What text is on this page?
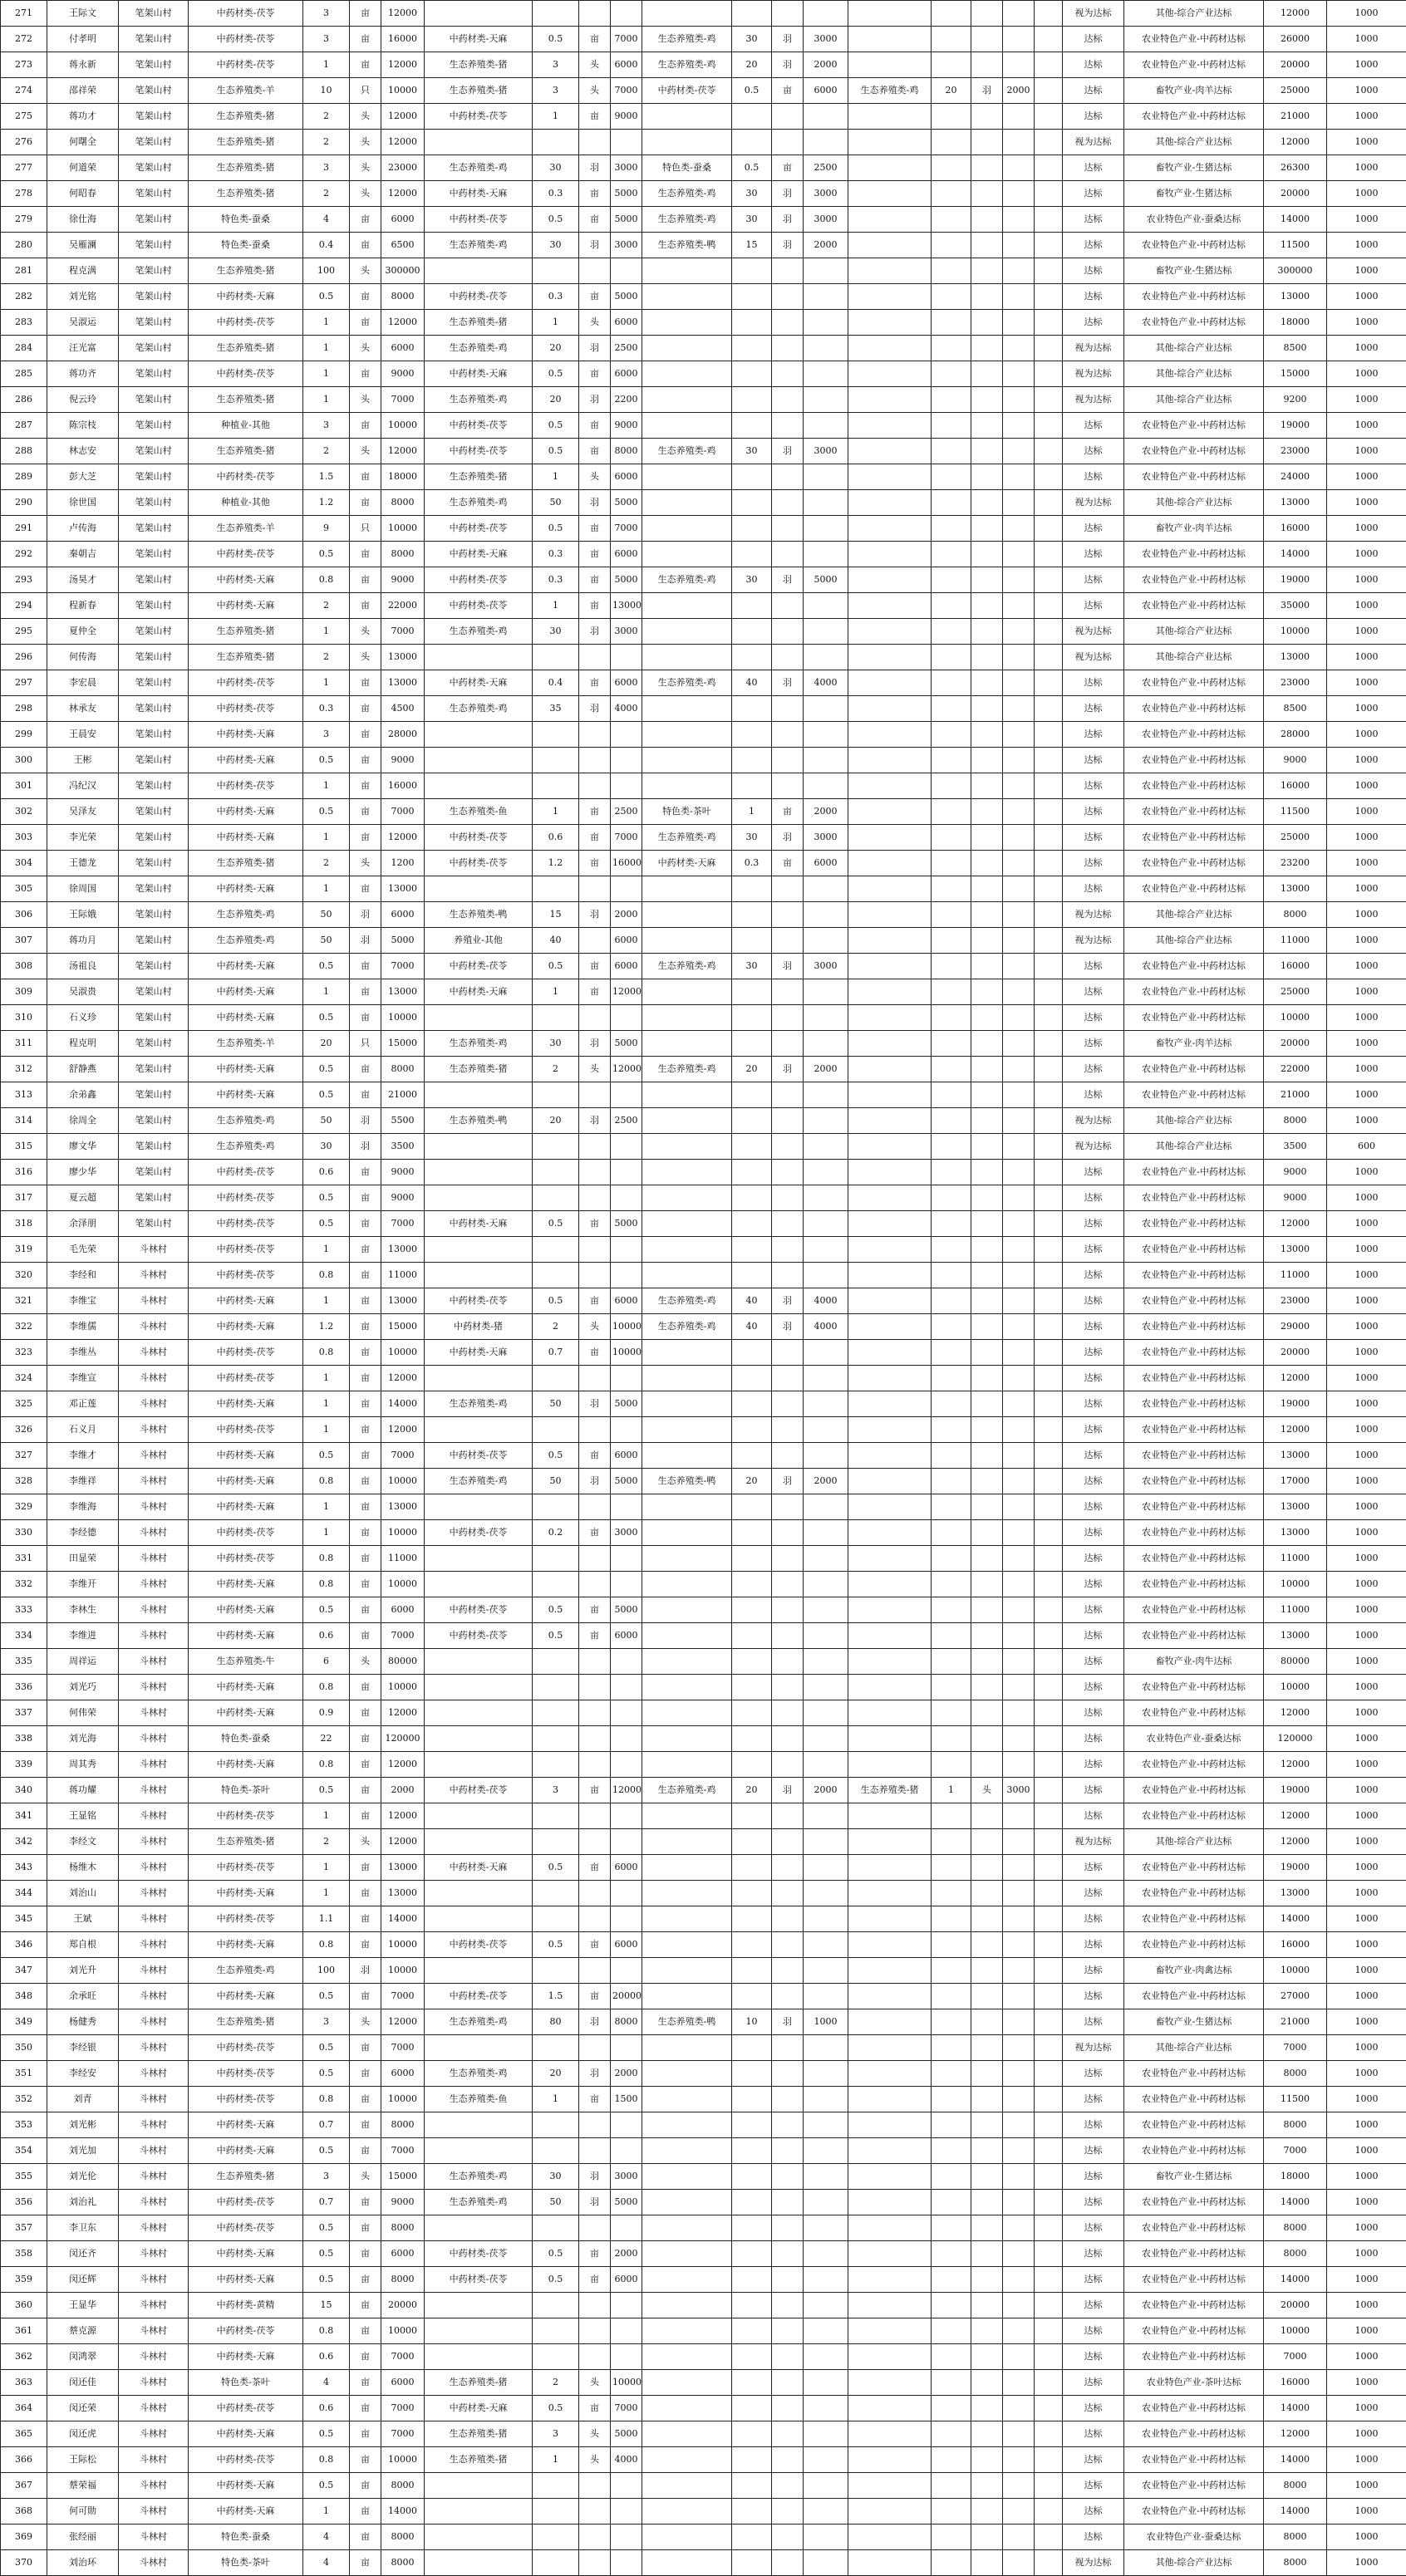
271	王际文	笔架山村	中药材类-茯苓	3	亩	12000														视为达标	其他-综合产业达标	12000	1000
272	付孝明	笔架山村	中药材类-茯苓	3	亩	16000	中药材类-天麻	0.5	亩	7000	生态养殖类-鸡	30	羽	3000						达标	农业特色产业-中药材达标	26000	1000
273	蒋永新	笔架山村	中药材类-茯苓	1	亩	12000	生态养殖类-猪	3	头	6000	生态养殖类-鸡	20	羽	2000						达标	农业特色产业-中药材达标	20000	1000
274	邵祥荣	笔架山村	生态养殖类-羊	10	只	10000	生态养殖类-猪	3	头	7000	中药材类-茯苓	0.5	亩	6000	生态养殖类-鸡	20	羽	2000		达标	畜牧产业-肉羊达标	25000	1000
275	蒋功才	笔架山村	生态养殖类-猪	2	头	12000	中药材类-茯苓	1	亩	9000										达标	农业特色产业-中药材达标	21000	1000
276	何曙全	笔架山村	生态养殖类-猪	2	头	12000														视为达标	其他-综合产业达标	12000	1000
277	何道荣	笔架山村	生态养殖类-猪	3	头	23000	生态养殖类-鸡	30	羽	3000	特色类-蚕桑	0.5	亩	2500						达标	畜牧产业-生猪达标	26300	1000
278	何昭春	笔架山村	生态养殖类-猪	2	头	12000	中药材类-天麻	0.3	亩	5000	生态养殖类-鸡	30	羽	3000						达标	畜牧产业-生猪达标	20000	1000
279	徐仕海	笔架山村	特色类-蚕桑	4	亩	6000	中药材类-茯苓	0.5	亩	5000	生态养殖类-鸡	30	羽	3000						达标	农业特色产业-蚕桑达标	14000	1000
280	吴雁澜	笔架山村	特色类-蚕桑	0.4	亩	6500	生态养殖类-鸡	30	羽	3000	生态养殖类-鸭	15	羽	2000						达标	农业特色产业-中药材达标	11500	1000
281	程克满	笔架山村	生态养殖类-猪	100	头	300000														达标	畜牧产业-生猪达标	300000	1000
282	刘光铭	笔架山村	中药材类-天麻	0.5	亩	8000	中药材类-茯苓	0.3	亩	5000										达标	农业特色产业-中药材达标	13000	1000
283	吴淑运	笔架山村	中药材类-茯苓	1	亩	12000	生态养殖类-猪	1	头	6000										达标	农业特色产业-中药材达标	18000	1000
284	汪光富	笔架山村	生态养殖类-猪	1	头	6000	生态养殖类-鸡	20	羽	2500										视为达标	其他-综合产业达标	8500	1000
285	蒋功齐	笔架山村	中药材类-茯苓	1	亩	9000	中药材类-天麻	0.5	亩	6000										视为达标	其他-综合产业达标	15000	1000
286	倪云玲	笔架山村	生态养殖类-猪	1	头	7000	生态养殖类-鸡	20	羽	2200										视为达标	其他-综合产业达标	9200	1000
287	陈宗枝	笔架山村	种植业-其他	3	亩	10000	中药材类-茯苓	0.5	亩	9000										达标	农业特色产业-中药材达标	19000	1000
288	林志安	笔架山村	生态养殖类-猪	2	头	12000	中药材类-茯苓	0.5	亩	8000	生态养殖类-鸡	30	羽	3000						达标	农业特色产业-中药材达标	23000	1000
289	彭大芝	笔架山村	中药材类-茯苓	1.5	亩	18000	生态养殖类-猪	1	头	6000										达标	农业特色产业-中药材达标	24000	1000
290	徐世国	笔架山村	种植业-其他	1.2	亩	8000	生态养殖类-鸡	50	羽	5000										视为达标	其他-综合产业达标	13000	1000
291	卢传海	笔架山村	生态养殖类-羊	9	只	10000	中药材类-茯苓	0.5	亩	7000										达标	畜牧产业-肉羊达标	16000	1000
292	秦朝吉	笔架山村	中药材类-茯苓	0.5	亩	8000	中药材类-天麻	0.3	亩	6000										达标	农业特色产业-中药材达标	14000	1000
293	汤昊才	笔架山村	中药材类-天麻	0.8	亩	9000	中药材类-茯苓	0.3	亩	5000	生态养殖类-鸡	30	羽	5000						达标	农业特色产业-中药材达标	19000	1000
294	程新春	笔架山村	中药材类-天麻	2	亩	22000	中药材类-茯苓	1	亩	13000										达标	农业特色产业-中药材达标	35000	1000
295	夏仲全	笔架山村	生态养殖类-猪	1	头	7000	生态养殖类-鸡	30	羽	3000										视为达标	其他-综合产业达标	10000	1000
296	何传海	笔架山村	生态养殖类-猪	2	头	13000														视为达标	其他-综合产业达标	13000	1000
297	李宏晨	笔架山村	中药材类-茯苓	1	亩	13000	中药材类-天麻	0.4	亩	6000	生态养殖类-鸡	40	羽	4000						达标	农业特色产业-中药材达标	23000	1000
298	林承友	笔架山村	中药材类-茯苓	0.3	亩	4500	生态养殖类-鸡	35	羽	4000										达标	农业特色产业-中药材达标	8500	1000
299	王晨安	笔架山村	中药材类-天麻	3	亩	28000														达标	农业特色产业-中药材达标	28000	1000
300	王彬	笔架山村	中药材类-天麻	0.5	亩	9000														达标	农业特色产业-中药材达标	9000	1000
301	冯纪汉	笔架山村	中药材类-茯苓	1	亩	16000														达标	农业特色产业-中药材达标	16000	1000
302	吴泽友	笔架山村	中药材类-天麻	0.5	亩	7000	生态养殖类-鱼	1	亩	2500	特色类-茶叶	1	亩	2000						达标	农业特色产业-中药材达标	11500	1000
303	李光荣	笔架山村	中药材类-天麻	1	亩	12000	中药材类-茯苓	0.6	亩	7000	生态养殖类-鸡	30	羽	3000						达标	农业特色产业-中药材达标	25000	1000
304	王德龙	笔架山村	生态养殖类-猪	2	头	1200	中药材类-茯苓	1.2	亩	16000	中药材类-天麻	0.3	亩	6000						达标	农业特色产业-中药材达标	23200	1000
305	徐周国	笔架山村	中药材类-天麻	1	亩	13000														达标	农业特色产业-中药材达标	13000	1000
306	王际娥	笔架山村	生态养殖类-鸡	50	羽	6000	生态养殖类-鸭	15	羽	2000										视为达标	其他-综合产业达标	8000	1000
307	蒋功月	笔架山村	生态养殖类-鸡	50	羽	5000	养殖业-其他	40		6000										视为达标	其他-综合产业达标	11000	1000
308	汤祖良	笔架山村	中药材类-天麻	0.5	亩	7000	中药材类-茯苓	0.5	亩	6000	生态养殖类-鸡	30	羽	3000						达标	农业特色产业-中药材达标	16000	1000
309	吴淑贵	笔架山村	中药材类-天麻	1	亩	13000	中药材类-天麻	1	亩	12000										达标	农业特色产业-中药材达标	25000	1000
310	石义珍	笔架山村	中药材类-天麻	0.5	亩	10000														达标	农业特色产业-中药材达标	10000	1000
311	程克明	笔架山村	生态养殖类-羊	20	只	15000	生态养殖类-鸡	30	羽	5000										达标	畜牧产业-肉羊达标	20000	1000
312	舒静燕	笔架山村	中药材类-天麻	0.5	亩	8000	生态养殖类-猪	2	头	12000	生态养殖类-鸡	20	羽	2000						达标	农业特色产业-中药材达标	22000	1000
313	余弟鑫	笔架山村	中药材类-天麻	0.5	亩	21000														达标	农业特色产业-中药材达标	21000	1000
314	徐周全	笔架山村	生态养殖类-鸡	50	羽	5500	生态养殖类-鸭	20	羽	2500										视为达标	其他-综合产业达标	8000	1000
315	廖文华	笔架山村	生态养殖类-鸡	30	羽	3500														视为达标	其他-综合产业达标	3500	600
316	廖少华	笔架山村	中药材类-茯苓	0.6	亩	9000														达标	农业特色产业-中药材达标	9000	1000
317	夏云超	笔架山村	中药材类-茯苓	0.5	亩	9000														达标	农业特色产业-中药材达标	9000	1000
318	余泽朋	笔架山村	中药材类-茯苓	0.5	亩	7000	中药材类-天麻	0.5	亩	5000										达标	农业特色产业-中药材达标	12000	1000
319	毛先荣	斗林村	中药材类-茯苓	1	亩	13000														达标	农业特色产业-中药材达标	13000	1000
320	李经和	斗林村	中药材类-茯苓	0.8	亩	11000														达标	农业特色产业-中药材达标	11000	1000
321	李维宝	斗林村	中药材类-天麻	1	亩	13000	中药材类-茯苓	0.5	亩	6000	生态养殖类-鸡	40	羽	4000						达标	农业特色产业-中药材达标	23000	1000
322	李维儒	斗林村	中药材类-天麻	1.2	亩	15000	中药材类-猪	2	头	10000	生态养殖类-鸡	40	羽	4000						达标	农业特色产业-中药材达标	29000	1000
323	李维丛	斗林村	中药材类-茯苓	0.8	亩	10000	中药材类-天麻	0.7	亩	10000										达标	农业特色产业-中药材达标	20000	1000
324	李维宣	斗林村	中药材类-茯苓	1	亩	12000														达标	农业特色产业-中药材达标	12000	1000
325	邓正莲	斗林村	中药材类-天麻	1	亩	14000	生态养殖类-鸡	50	羽	5000										达标	农业特色产业-中药材达标	19000	1000
326	石义月	斗林村	中药材类-茯苓	1	亩	12000														达标	农业特色产业-中药材达标	12000	1000
327	李维才	斗林村	中药材类-天麻	0.5	亩	7000	中药材类-茯苓	0.5	亩	6000										达标	农业特色产业-中药材达标	13000	1000
328	李维祥	斗林村	中药材类-天麻	0.8	亩	10000	生态养殖类-鸡	50	羽	5000	生态养殖类-鸭	20	羽	2000						达标	农业特色产业-中药材达标	17000	1000
329	李维海	斗林村	中药材类-天麻	1	亩	13000														达标	农业特色产业-中药材达标	13000	1000
330	李经德	斗林村	中药材类-茯苓	1	亩	10000	中药材类-茯苓	0.2	亩	3000										达标	农业特色产业-中药材达标	13000	1000
331	田显荣	斗林村	中药材类-茯苓	0.8	亩	11000														达标	农业特色产业-中药材达标	11000	1000
332	李维开	斗林村	中药材类-天麻	0.8	亩	10000														达标	农业特色产业-中药材达标	10000	1000
333	李林生	斗林村	中药材类-天麻	0.5	亩	6000	中药材类-茯苓	0.5	亩	5000										达标	农业特色产业-中药材达标	11000	1000
334	李维进	斗林村	中药材类-天麻	0.6	亩	7000	中药材类-茯苓	0.5	亩	6000										达标	农业特色产业-中药材达标	13000	1000
335	周祥运	斗林村	生态养殖类-牛	6	头	80000														达标	畜牧产业-肉牛达标	80000	1000
336	刘光巧	斗林村	中药材类-天麻	0.8	亩	10000														达标	农业特色产业-中药材达标	10000	1000
337	何伟荣	斗林村	中药材类-天麻	0.9	亩	12000														达标	农业特色产业-中药材达标	12000	1000
338	刘光海	斗林村	特色类-蚕桑	22	亩	120000														达标	农业特色产业-蚕桑达标	120000	1000
339	周其秀	斗林村	中药材类-天麻	0.8	亩	12000														达标	农业特色产业-中药材达标	12000	1000
340	蒋功耀	斗林村	特色类-茶叶	0.5	亩	2000	中药材类-茯苓	3	亩	12000	生态养殖类-鸡	20	羽	2000	生态养殖类-猪	1	头	3000		达标	农业特色产业-中药材达标	19000	1000
341	王显铭	斗林村	中药材类-茯苓	1	亩	12000														达标	农业特色产业-中药材达标	12000	1000
342	李经文	斗林村	生态养殖类-猪	2	头	12000														视为达标	其他-综合产业达标	12000	1000
343	杨维木	斗林村	中药材类-茯苓	1	亩	13000	中药材类-天麻	0.5	亩	6000										达标	农业特色产业-中药材达标	19000	1000
344	刘治山	斗林村	中药材类-天麻	1	亩	13000														达标	农业特色产业-中药材达标	13000	1000
345	王斌	斗林村	中药材类-茯苓	1.1	亩	14000														达标	农业特色产业-中药材达标	14000	1000
346	郑自根	斗林村	中药材类-天麻	0.8	亩	10000	中药材类-茯苓	0.5	亩	6000										达标	农业特色产业-中药材达标	16000	1000
347	刘光升	斗林村	生态养殖类-鸡	100	羽	10000														达标	畜牧产业-肉禽达标	10000	1000
348	余承旺	斗林村	中药材类-天麻	0.5	亩	7000	中药材类-茯苓	1.5	亩	20000										达标	农业特色产业-中药材达标	27000	1000
349	杨健秀	斗林村	生态养殖类-猪	3	头	12000	生态养殖类-鸡	80	羽	8000	生态养殖类-鸭	10	羽	1000						达标	畜牧产业-生猪达标	21000	1000
350	李经银	斗林村	中药材类-茯苓	0.5	亩	7000														视为达标	其他-综合产业达标	7000	1000
351	李经安	斗林村	中药材类-茯苓	0.5	亩	6000	生态养殖类-鸡	20	羽	2000										达标	农业特色产业-中药材达标	8000	1000
352	刘青	斗林村	中药材类-茯苓	0.8	亩	10000	生态养殖类-鱼	1	亩	1500										达标	农业特色产业-中药材达标	11500	1000
353	刘光彬	斗林村	中药材类-天麻	0.7	亩	8000														达标	农业特色产业-中药材达标	8000	1000
354	刘光加	斗林村	中药材类-天麻	0.5	亩	7000														达标	农业特色产业-中药材达标	7000	1000
355	刘光伦	斗林村	生态养殖类-猪	3	头	15000	生态养殖类-鸡	30	羽	3000										达标	畜牧产业-生猪达标	18000	1000
356	刘治礼	斗林村	中药材类-茯苓	0.7	亩	9000	生态养殖类-鸡	50	羽	5000										达标	农业特色产业-中药材达标	14000	1000
357	李卫东	斗林村	中药材类-茯苓	0.5	亩	8000														达标	农业特色产业-中药材达标	8000	1000
358	闵还齐	斗林村	中药材类-天麻	0.5	亩	6000	中药材类-茯苓	0.5	亩	2000										达标	农业特色产业-中药材达标	8000	1000
359	闵还辉	斗林村	中药材类-天麻	0.5	亩	8000	中药材类-茯苓	0.5	亩	6000										达标	农业特色产业-中药材达标	14000	1000
360	王显华	斗林村	中药材类-黄精	15	亩	20000														达标	农业特色产业-中药材达标	20000	1000
361	蔡克源	斗林村	中药材类-茯苓	0.8	亩	10000														达标	农业特色产业-中药材达标	10000	1000
362	闵鸿翠	斗林村	中药材类-天麻	0.6	亩	7000														达标	农业特色产业-中药材达标	7000	1000
363	闵还佳	斗林村	特色类-茶叶	4	亩	6000	生态养殖类-猪	2	头	10000										达标	农业特色产业-茶叶达标	16000	1000
364	闵还荣	斗林村	中药材类-茯苓	0.6	亩	7000	中药材类-天麻	0.5	亩	7000										达标	农业特色产业-中药材达标	14000	1000
365	闵还虎	斗林村	中药材类-天麻	0.5	亩	7000	生态养殖类-猪	3	头	5000										达标	农业特色产业-中药材达标	12000	1000
366	王际松	斗林村	中药材类-茯苓	0.8	亩	10000	生态养殖类-猪	1	头	4000										达标	农业特色产业-中药材达标	14000	1000
367	蔡荣福	斗林村	中药材类-天麻	0.5	亩	8000														达标	农业特色产业-中药材达标	8000	1000
368	何可勋	斗林村	中药材类-天麻	1	亩	14000														达标	农业特色产业-中药材达标	14000	1000
369	张经丽	斗林村	特色类-蚕桑	4	亩	8000														达标	农业特色产业-蚕桑达标	8000	1000
370	刘治环	斗林村	特色类-茶叶	4	亩	8000														视为达标	其他-综合产业达标	8000	1000
